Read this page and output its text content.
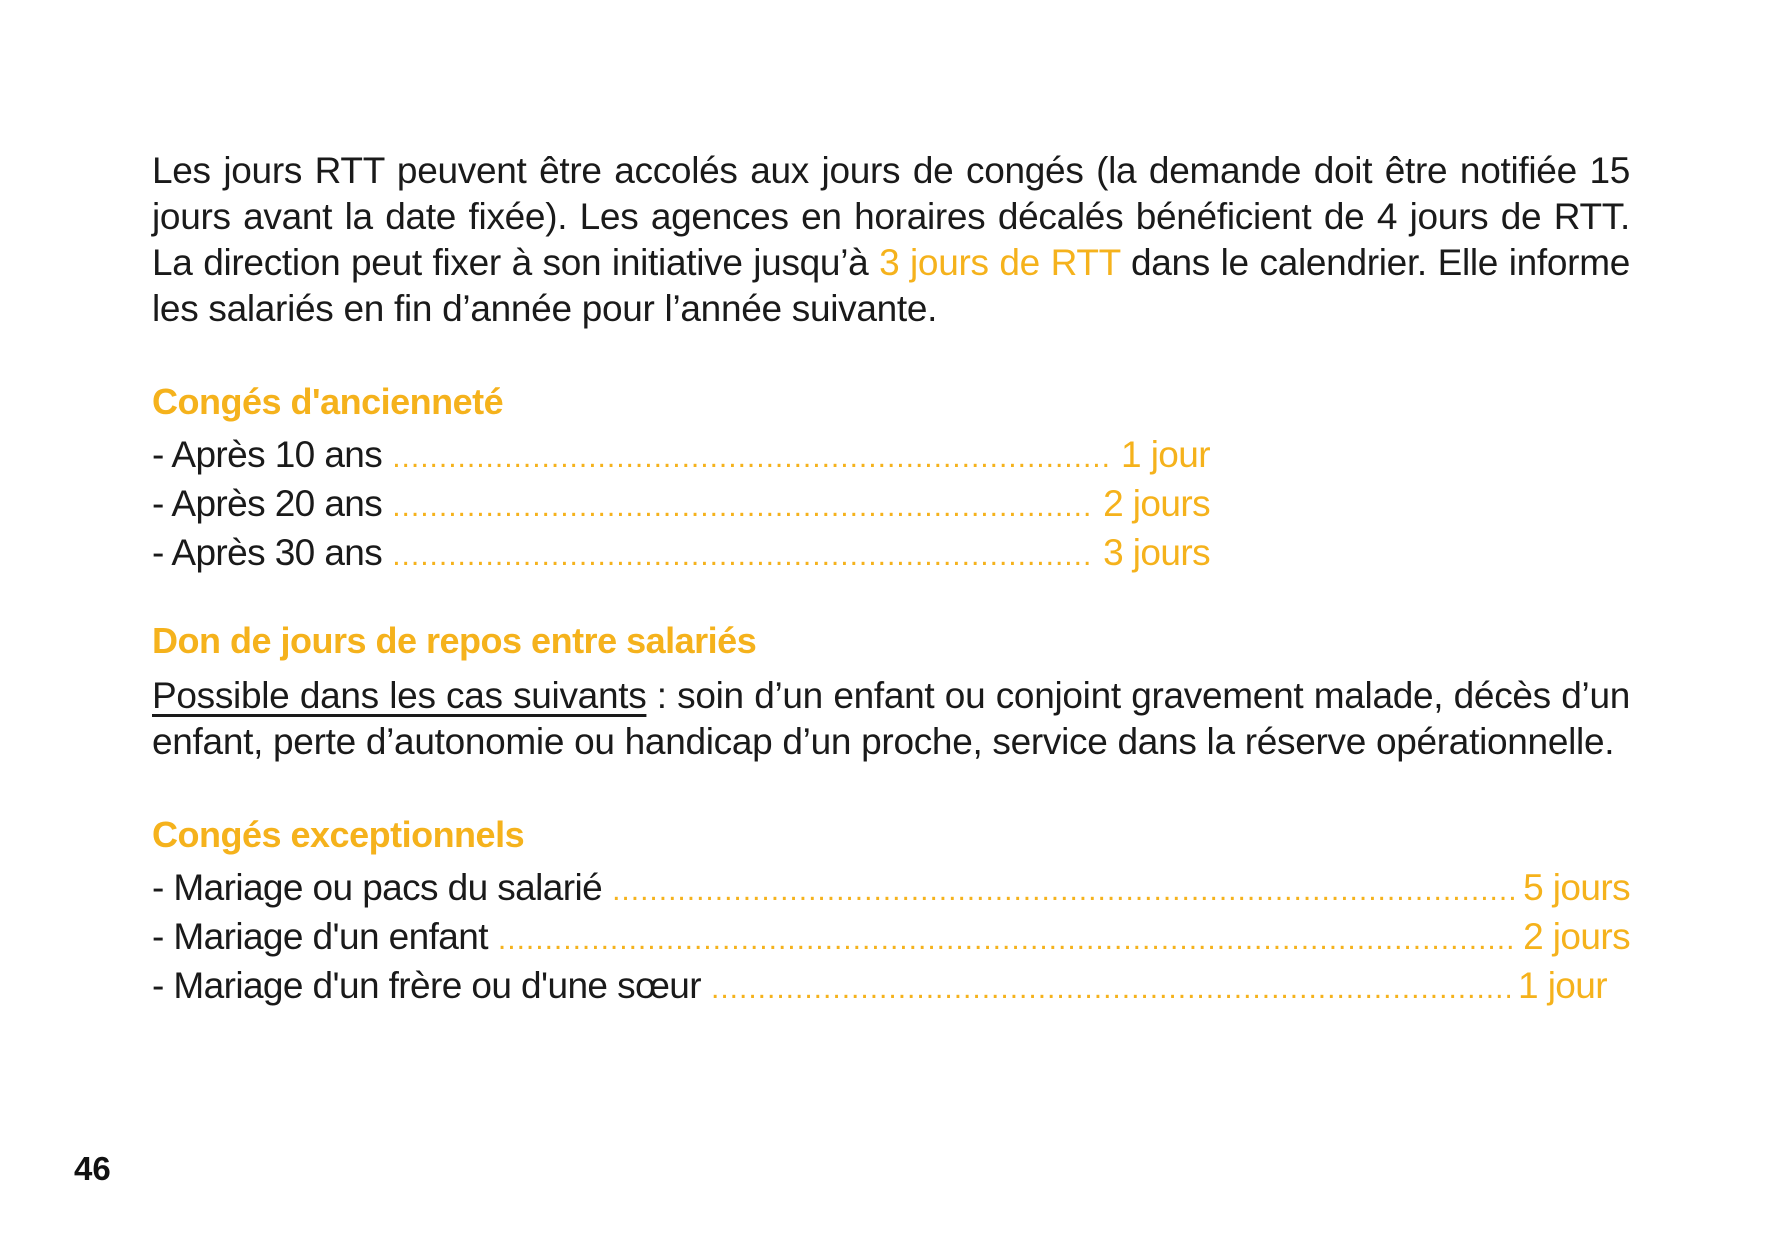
Les jours RTT peuvent être accolés aux jours de congés (la demande doit être notifiée 15 jours avant la date fixée). Les agences en horaires décalés bénéficient de 4 jours de RTT. La direction peut fixer à son initiative jusqu’à 3 jours de RTT dans le calendrier. Elle informe les salariés en fin d’année pour l’année suivante.

Congés d'ancienneté
- Après 10 ans .....	1 jour
- Après 20 ans .....	2 jours
- Après 30 ans .....	3 jours
Don de jours de repos entre salariés

Possible dans les cas suivants : soin d’un enfant ou conjoint gravement malade, décès d’un enfant, perte d’autonomie ou handicap d’un proche, service dans la réserve opérationnelle.

Congés exceptionnels
- Mariage ou pacs du salarié .....	5 jours
- Mariage d'un enfant .....	2 jours
- Mariage d'un frère ou d'une sœur .....	1 jour
46
